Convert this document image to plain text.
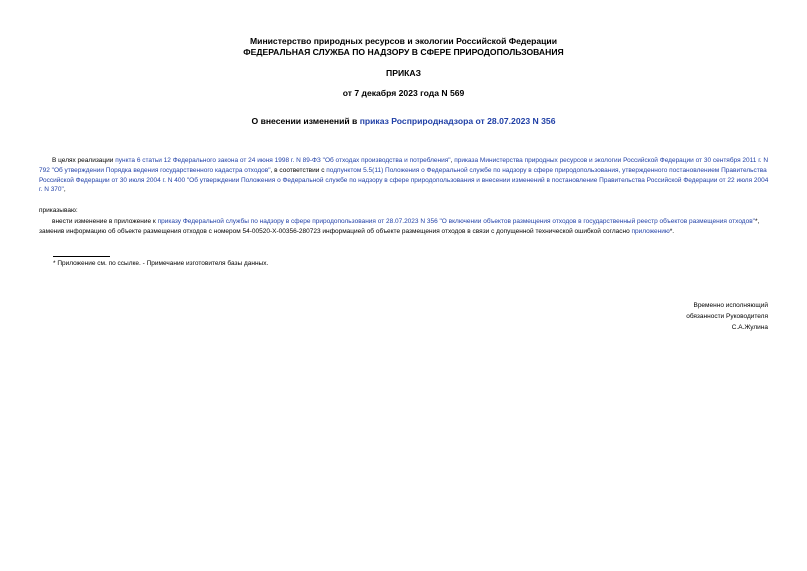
Министерство природных ресурсов и экологии Российской Федерации

ФЕДЕРАЛЬНАЯ СЛУЖБА ПО НАДЗОРУ В СФЕРЕ ПРИРОДОПОЛЬЗОВАНИЯ

ПРИКАЗ

от 7 декабря 2023 года N 569

О внесении изменений в приказ Росприроднадзора от 28.07.2023 N 356

В целях реализации пункта 6 статьи 12 Федерального закона от 24 июня 1998 г. N 89-ФЗ "Об отходах производства и потребления", приказа Министерства природных ресурсов и экологии Российской Федерации от 30 сентября 2011 г. N 792 "Об утверждении Порядка ведения государственного кадастра отходов", в соответствии с подпунктом 5.5(11) Положения о Федеральной службе по надзору в сфере природопользования, утвержденного постановлением Правительства Российской Федерации от 30 июля 2004 г. N 400 "Об утверждении Положения о Федеральной службе по надзору в сфере природопользования и внесении изменений в постановление Правительства Российской Федерации от 22 июля 2004 г. N 370",

приказываю:

внести изменение в приложение к приказу Федеральной службы по надзору в сфере природопользования от 28.07.2023 N 356 "О включении объектов размещения отходов в государственный реестр объектов размещения отходов"*, заменив информацию об объекте размещения отходов с номером 54-00520-Х-00356-280723 информацией об объекте размещения отходов в связи с допущенной технической ошибкой согласно приложению*.

* Приложение см. по ссылке. - Примечание изготовителя базы данных.

Временно исполняющий
обязанности Руководителя
С.А.Жулина
